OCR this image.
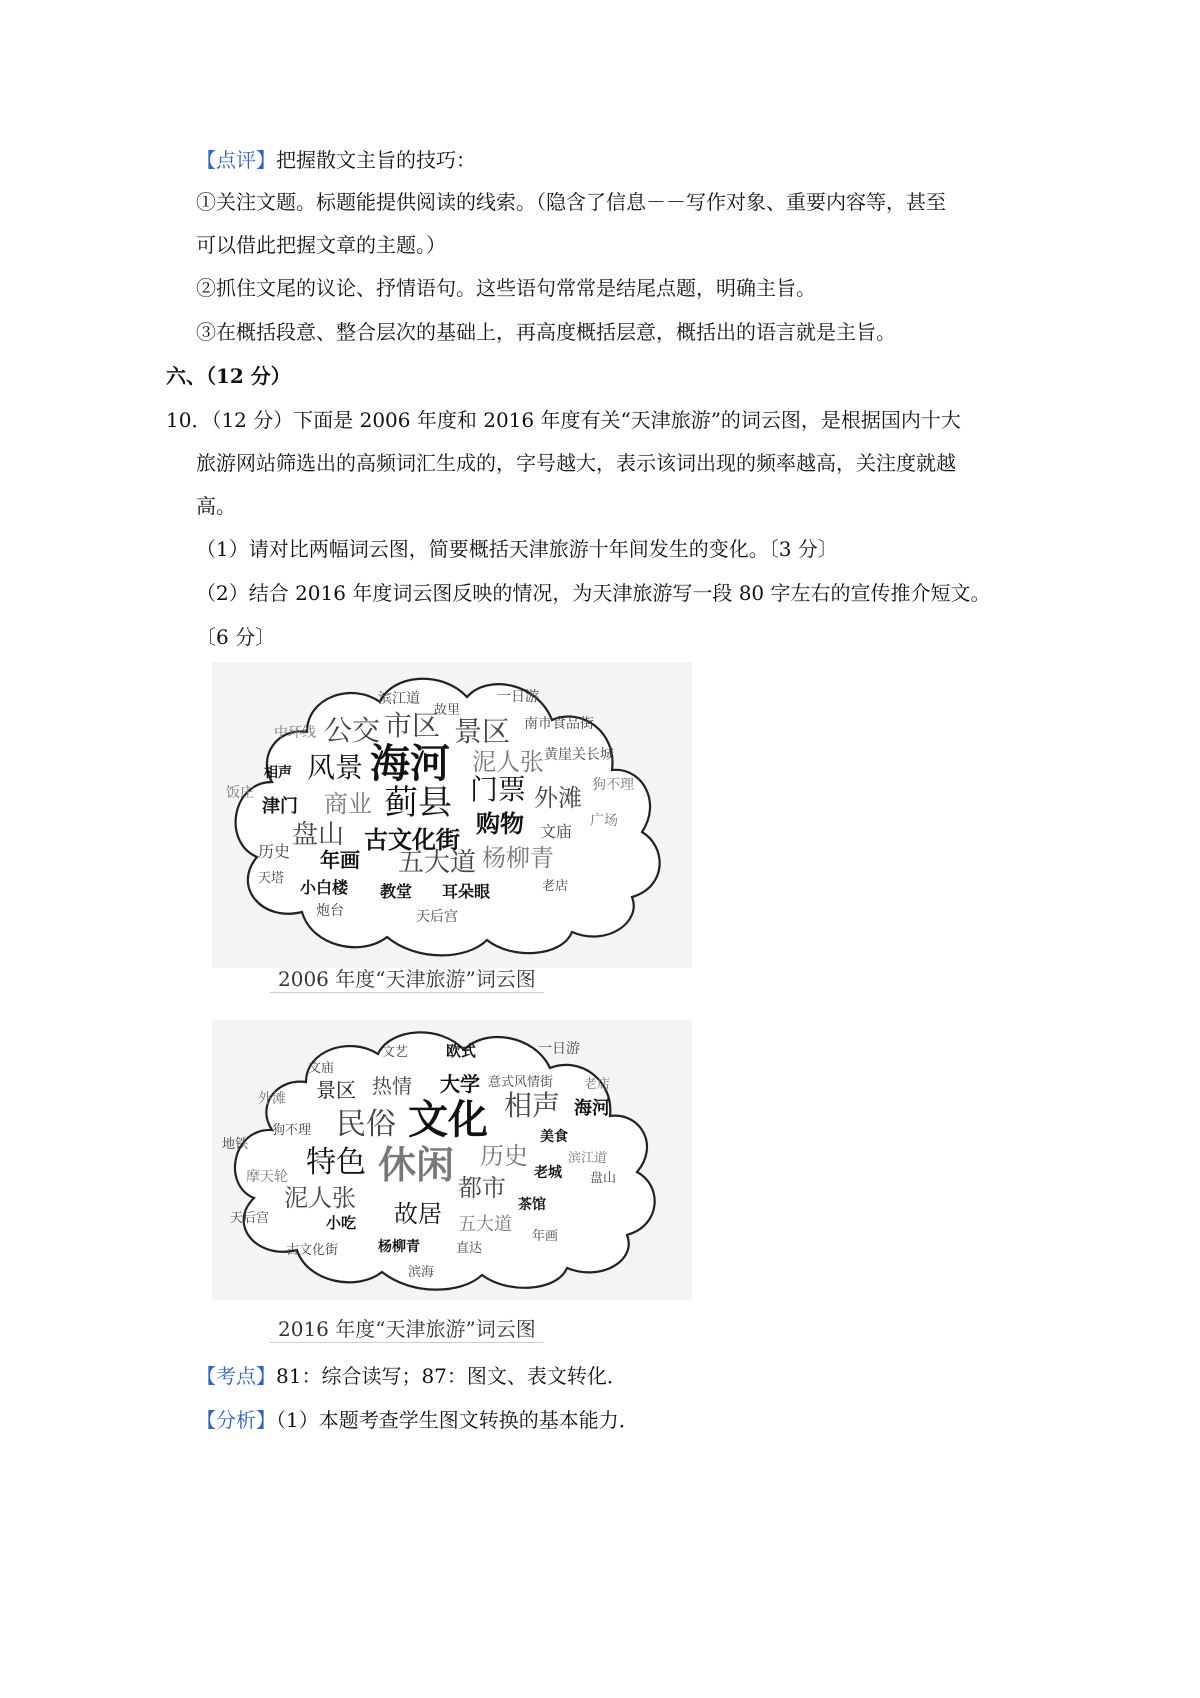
【点评】把握散文主旨的技巧：
①关注文题。标题能提供阅读的线索。（隐含了信息－－写作对象、重要内容等，甚至
可以借此把握文章的主题。）
②抓住文尾的议论、抒情语句。这些语句常常是结尾点题，明确主旨。
③在概括段意、整合层次的基础上，再高度概括层意，概括出的语言就是主旨。
六、（12 分）
10．（12 分）下面是 2006 年度和 2016 年度有关“天津旅游”的词云图，是根据国内十大
旅游网站筛选出的高频词汇生成的，字号越大，表示该词出现的频率越高，关注度就越
高。
（1）请对比两幅词云图，简要概括天津旅游十年间发生的变化。〔3 分〕
（2）结合 2016 年度词云图反映的情况，为天津旅游写一段 80 字左右的宣传推介短文。
〔6 分〕
滨江道
故里
一日游
中环线 公交 市区 景区 南市食品街
相声 风景 海河 泥人张 黄崖关长城
狗不理
饭庄
津门 商业 蓟县 门票 外滩
广场
盘山 古文化街
购物 文庙
历史 年画 五大道 杨柳青
天塔 小白楼 教堂 耳朵眼	老店
炮台	天后宫
2006 年度“天津旅游”词云图
文艺	欧式	一日游
文庙
景区 热情 大学 意式风情街 老店
外滩
民俗 文化 相声 海河
狗不理	美食
地铁
特色 休闲 历史	滨江道
摩天轮	老城 盘山
泥人张	都市
茶馆
天后宫	小吃 故居 五大道
古文化街	杨柳青	直达
年画
滨海
2016 年度“天津旅游”词云图
【考点】81：综合读写；87：图文、表文转化．
【分析】（1）本题考查学生图文转换的基本能力．
